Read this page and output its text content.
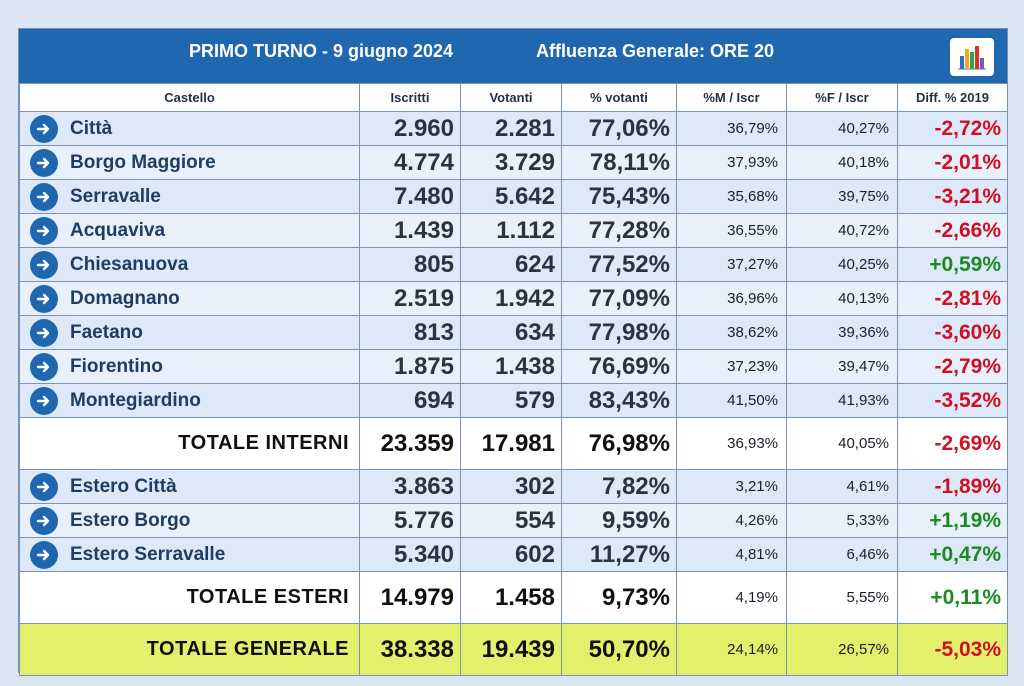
PRIMO TURNO - 9 giugno 2024	Affluenza Generale: ORE 20
Castello	Iscritti	Votanti	% votanti	%M / Iscr	%F / Iscr	Diff. % 2019

Città	2.960	2.281	77,06%	36,79%	40,27%	-2,72%

Borgo Maggiore	4.774	3.729	78,11%	37,93%	40,18%	-2,01%

Serravalle	7.480	5.642	75,43%	35,68%	39,75%	-3,21%

Acquaviva	1.439	1.112	77,28%	36,55%	40,72%	-2,66%

Chiesanuova	805	624	77,52%	37,27%	40,25%	+0,59%

Domagnano	2.519	1.942	77,09%	36,96%	40,13%	-2,81%

Faetano	813	634	77,98%	38,62%	39,36%	-3,60%

Fiorentino	1.875	1.438	76,69%	37,23%	39,47%	-2,79%

Montegiardino	694	579	83,43%	41,50%	41,93%	-3,52%
TOTALE INTERNI	23.359	17.981	76,98%	36,93%	40,05%	-2,69%

Estero Città	3.863	302	7,82%	3,21%	4,61%	-1,89%

Estero Borgo	5.776	554	9,59%	4,26%	5,33%	+1,19%

Estero Serravalle	5.340	602	11,27%	4,81%	6,46%	+0,47%
TOTALE ESTERI	14.979	1.458	9,73%	4,19%	5,55%	+0,11%
TOTALE GENERALE	38.338	19.439	50,70%	24,14%	26,57%	-5,03%
